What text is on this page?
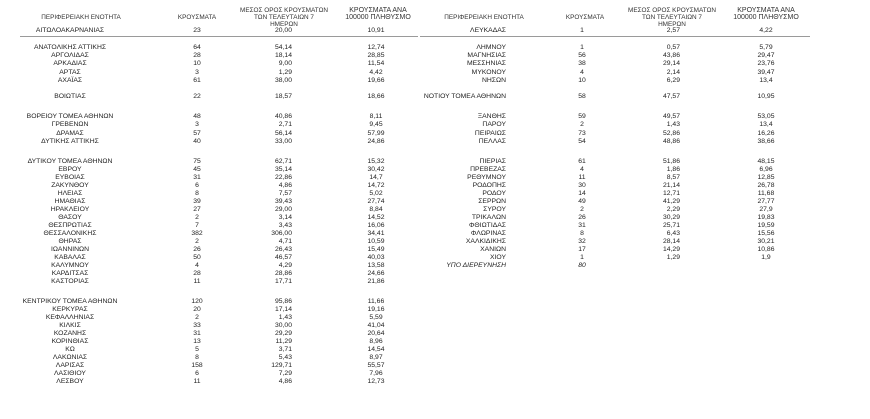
ΠΕΡΙΦΕΡΕΙΑΚΗ ΕΝΟΤΗΤΑ	ΚΡΟΥΣΜΑΤΑ
ΜΕΣΟΣ ΟΡΟΣ ΚΡΟΥΣΜΑΤΩΝ ΤΩΝ ΤΕΛΕΥΤΑΙΩΝ 7 ΗΜΕΡΩΝ
ΚΡΟΥΣΜΑΤΑ ΑΝΑ 100000 ΠΛΗΘΥΣΜΟ	ΠΕΡΙΦΕΡΕΙΑΚΗ ΕΝΟΤΗΤΑ	ΚΡΟΥΣΜΑΤΑ
ΜΕΣΟΣ ΟΡΟΣ ΚΡΟΥΣΜΑΤΩΝ ΤΩΝ ΤΕΛΕΥΤΑΙΩΝ 7 ΗΜΕΡΩΝ
ΚΡΟΥΣΜΑΤΑ ΑΝΑ 100000 ΠΛΗΘΥΣΜΟ
ΑΙΤΩΛΟΑΚΑΡΝΑΝΙΑΣ	23	20,00	10,91
ΑΝΑΤΟΛΙΚΗΣ ΑΤΤΙΚΗΣ	64	54,14	12,74
ΑΡΓΟΛΙΔΑΣ	28	18,14	28,85
ΑΡΚΑΔΙΑΣ	10	9,00	11,54
ΑΡΤΑΣ	3	1,29	4,42
ΑΧΑΪΑΣ	61	38,00	19,66
ΒΟΙΩΤΙΑΣ	22	18,57	18,66
ΒΟΡΕΙΟΥ ΤΟΜΕΑ ΑΘΗΝΩΝ	48	40,86	8,11
ΓΡΕΒΕΝΩΝ	3	2,71	9,45
ΔΡΑΜΑΣ	57	56,14	57,99
ΔΥΤΙΚΗΣ ΑΤΤΙΚΗΣ	40	33,00	24,86
ΔΥΤΙΚΟΥ ΤΟΜΕΑ ΑΘΗΝΩΝ	75	62,71	15,32
ΕΒΡΟΥ	45	35,14	30,42
ΕΥΒΟΙΑΣ	31	22,86	14,7
ΖΑΚΥΝΘΟΥ	6	4,86	14,72
ΗΛΕΙΑΣ	8	7,57	5,02
ΗΜΑΘΙΑΣ	39	39,43	27,74
ΗΡΑΚΛΕΙΟΥ	27	29,00	8,84
ΘΑΣΟΥ	2	3,14	14,52
ΘΕΣΠΡΩΤΙΑΣ	7	3,43	16,06
ΘΕΣΣΑΛΟΝΙΚΗΣ	382	306,00	34,41
ΘΗΡΑΣ	2	4,71	10,59
ΙΩΑΝΝΙΝΩΝ	26	26,43	15,49
ΚΑΒΑΛΑΣ	50	46,57	40,03
ΚΑΛΥΜΝΟΥ	4	4,29	13,58
ΚΑΡΔΙΤΣΑΣ	28	28,86	24,66
ΚΑΣΤΟΡΙΑΣ	11	17,71	21,86
ΚΕΝΤΡΙΚΟΥ ΤΟΜΕΑ ΑΘΗΝΩΝ	120	95,86	11,66
ΚΕΡΚΥΡΑΣ	20	17,14	19,16
ΚΕΦΑΛΛΗΝΙΑΣ	2	1,43	5,59
ΚΙΛΚΙΣ	33	30,00	41,04
ΚΟΖΑΝΗΣ	31	29,29	20,64
ΚΟΡΙΝΘΙΑΣ	13	11,29	8,96
ΚΩ	5	3,71	14,54
ΛΑΚΩΝΙΑΣ	8	5,43	8,97
ΛΑΡΙΣΑΣ	158	129,71	55,57
ΛΑΣΙΘΙΟΥ	6	7,29	7,96
ΛΕΣΒΟΥ	11	4,86	12,73
ΛΕΥΚΑΔΑΣ	1	2,57	4,22
ΛΗΜΝΟΥ	1	0,57	5,79
ΜΑΓΝΗΣΙΑΣ	56	43,86	29,47
ΜΕΣΣΗΝΙΑΣ	38	29,14	23,76
ΜΥΚΟΝΟΥ	4	2,14	39,47
ΝΗΣΩΝ	10	6,29	13,4
ΝΟΤΙΟΥ ΤΟΜΕΑ ΑΘΗΝΩΝ	58	47,57	10,95
ΞΑΝΘΗΣ	59	49,57	53,05
ΠΑΡΟΥ	2	1,43	13,4
ΠΕΙΡΑΙΩΣ	73	52,86	16,26
ΠΕΛΛΑΣ	54	48,86	38,66
ΠΙΕΡΙΑΣ	61	51,86	48,15
ΠΡΕΒΕΖΑΣ	4	1,86	6,96
ΡΕΘΥΜΝΟΥ	11	8,57	12,85
ΡΟΔΟΠΗΣ	30	21,14	26,78
ΡΟΔΟΥ	14	12,71	11,68
ΣΕΡΡΩΝ	49	41,29	27,77
ΣΥΡΟΥ	2	2,29	27,9
ΤΡΙΚΑΛΩΝ	26	30,29	19,83
ΦΘΙΩΤΙΔΑΣ	31	25,71	19,59
ΦΛΩΡΙΝΑΣ	8	6,43	15,56
ΧΑΛΚΙΔΙΚΗΣ	32	28,14	30,21
ΧΑΝΙΩΝ	17	14,29	10,86
ΧΙΟΥ	1	1,29	1,9
ΥΠΟ ΔΙΕΡΕΥΝΗΣΗ	80
